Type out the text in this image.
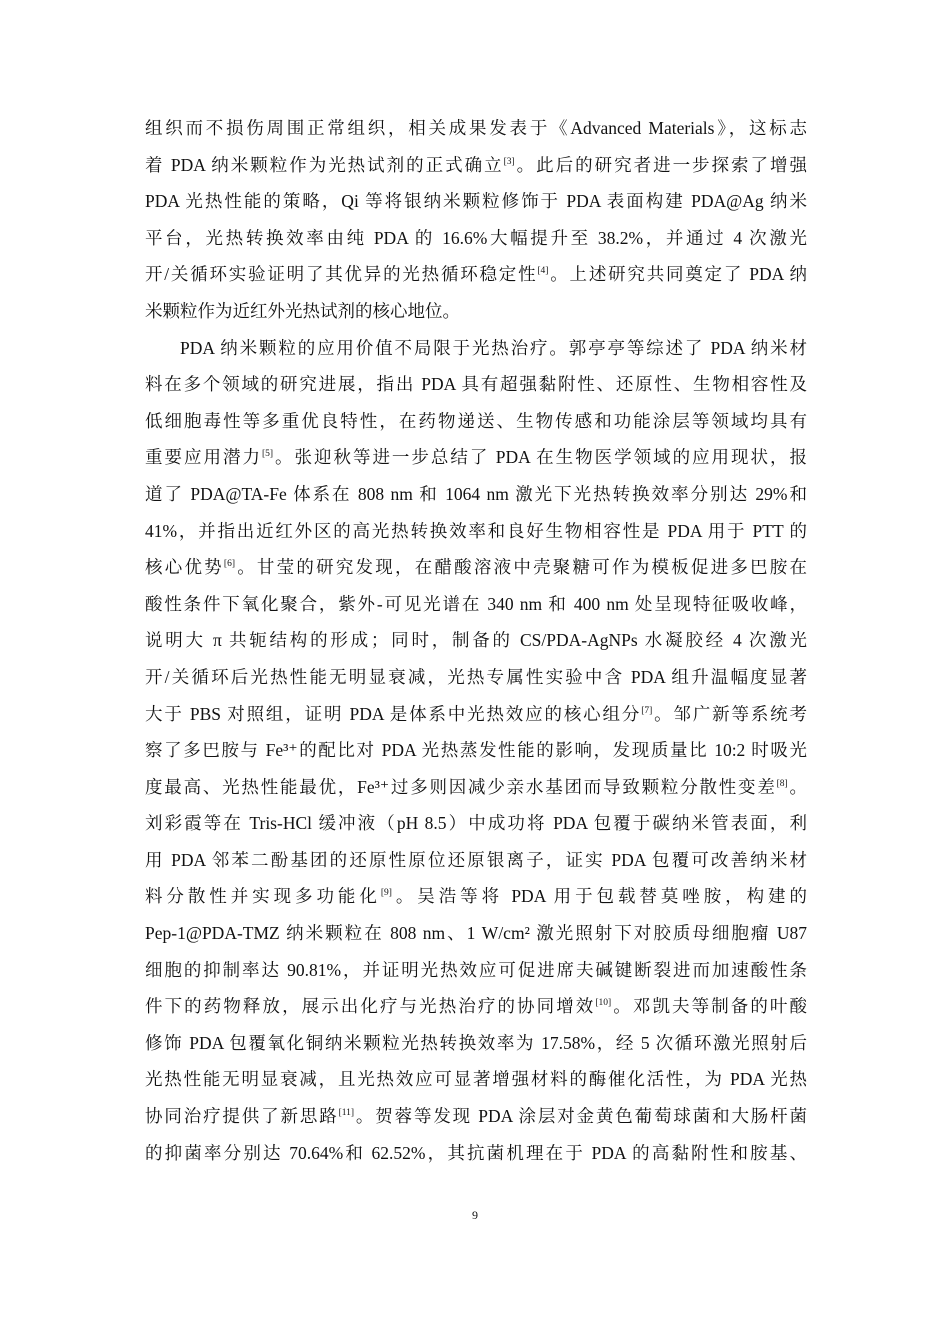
组织而不损伤周围正常组织，相关成果发表于《Advanced Materials》，这标志
着 PDA 纳米颗粒作为光热试剂的正式确立[3]。此后的研究者进一步探索了增强
PDA 光热性能的策略，Qi 等将银纳米颗粒修饰于 PDA 表面构建 PDA@Ag 纳米
平台，光热转换效率由纯 PDA 的 16.6%大幅提升至 38.2%，并通过 4 次激光
开/关循环实验证明了其优异的光热循环稳定性[4]。上述研究共同奠定了 PDA 纳
米颗粒作为近红外光热试剂的核心地位。
PDA 纳米颗粒的应用价值不局限于光热治疗。郭亭亭等综述了 PDA 纳米材
料在多个领域的研究进展，指出 PDA 具有超强黏附性、还原性、生物相容性及
低细胞毒性等多重优良特性，在药物递送、生物传感和功能涂层等领域均具有
重要应用潜力[5]。张迎秋等进一步总结了 PDA 在生物医学领域的应用现状，报
道了 PDA@TA-Fe 体系在 808 nm 和 1064 nm 激光下光热转换效率分别达 29%和
41%，并指出近红外区的高光热转换效率和良好生物相容性是 PDA 用于 PTT 的
核心优势[6]。甘莹的研究发现，在醋酸溶液中壳聚糖可作为模板促进多巴胺在
酸性条件下氧化聚合，紫外-可见光谱在 340 nm 和 400 nm 处呈现特征吸收峰，
说明大 π 共轭结构的形成；同时，制备的 CS/PDA-AgNPs 水凝胶经 4 次激光
开/关循环后光热性能无明显衰减，光热专属性实验中含 PDA 组升温幅度显著
大于 PBS 对照组，证明 PDA 是体系中光热效应的核心组分[7]。邹广新等系统考
察了多巴胺与 Fe³⁺的配比对 PDA 光热蒸发性能的影响，发现质量比 10:2 时吸光
度最高、光热性能最优，Fe³⁺过多则因减少亲水基团而导致颗粒分散性变差[8]。
刘彩霞等在 Tris-HCl 缓冲液（pH 8.5）中成功将 PDA 包覆于碳纳米管表面，利
用 PDA 邻苯二酚基团的还原性原位还原银离子，证实 PDA 包覆可改善纳米材
料分散性并实现多功能化[9]。吴浩等将 PDA 用于包载替莫唑胺，构建的
Pep-1@PDA-TMZ 纳米颗粒在 808 nm、1 W/cm² 激光照射下对胶质母细胞瘤 U87
细胞的抑制率达 90.81%，并证明光热效应可促进席夫碱键断裂进而加速酸性条
件下的药物释放，展示出化疗与光热治疗的协同增效[10]。邓凯夫等制备的叶酸
修饰 PDA 包覆氧化铜纳米颗粒光热转换效率为 17.58%，经 5 次循环激光照射后
光热性能无明显衰减，且光热效应可显著增强材料的酶催化活性，为 PDA 光热
协同治疗提供了新思路[11]。贺蓉等发现 PDA 涂层对金黄色葡萄球菌和大肠杆菌
的抑菌率分别达 70.64%和 62.52%，其抗菌机理在于 PDA 的高黏附性和胺基、
9
